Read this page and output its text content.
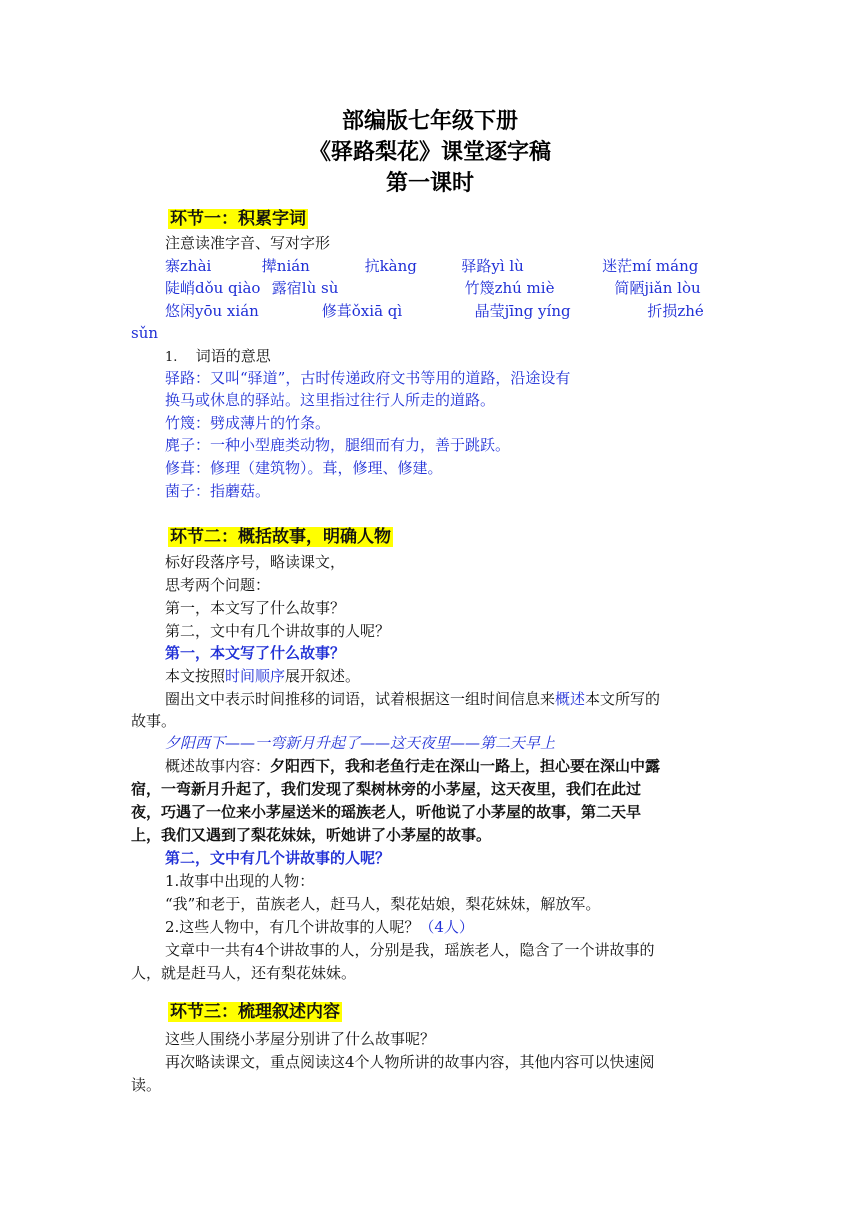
部编版七年级下册
《驿路梨花》课堂逐字稿
第一课时
环节一：积累字词
注意读准字音、写对字形
寨zhài	撵nián	抗kàng	驿路yì lù	迷茫mí máng
陡峭dǒu qiào 露宿lù sù	竹篾zhú miè	简陋jiǎn lòu
悠闲yōu xián	修葺ǒxiā qì	晶莹jīng yíng	折损zhé
sǔn
1. 词语的意思
驿路：又叫“驿道”，古时传递政府文书等用的道路，沿途设有
换马或休息的驿站。这里指过往行人所走的道路。
竹篾：劈成薄片的竹条。
麂子：一种小型鹿类动物，腿细而有力，善于跳跃。
修葺：修理（建筑物）。葺，修理、修建。
菌子：指蘑菇。
环节二：概括故事，明确人物
标好段落序号，略读课文，
思考两个问题：
第一，本文写了什么故事？
第二，文中有几个讲故事的人呢？
第一，本文写了什么故事？
本文按照时间顺序展开叙述。
圈出文中表示时间推移的词语，试着根据这一组时间信息来概述本文所写的
故事。
夕阳西下——一弯新月升起了——这天夜里——第二天早上
概述故事内容：夕阳西下，我和老鱼行走在深山一路上，担心要在深山中露
宿，一弯新月升起了，我们发现了梨树林旁的小茅屋，这天夜里，我们在此过
夜，巧遇了一位来小茅屋送米的瑶族老人，听他说了小茅屋的故事，第二天早
上，我们又遇到了梨花妹妹，听她讲了小茅屋的故事。
第二，文中有几个讲故事的人呢？
1.故事中出现的人物：
“我”和老于，苗族老人，赶马人，梨花姑娘，梨花妹妹，解放军。
2.这些人物中，有几个讲故事的人呢？（4人）
文章中一共有4个讲故事的人，分别是我，瑶族老人，隐含了一个讲故事的
人，就是赶马人，还有梨花妹妹。
环节三：梳理叙述内容
这些人围绕小茅屋分别讲了什么故事呢？
再次略读课文，重点阅读这4个人物所讲的故事内容，其他内容可以快速阅
读。
